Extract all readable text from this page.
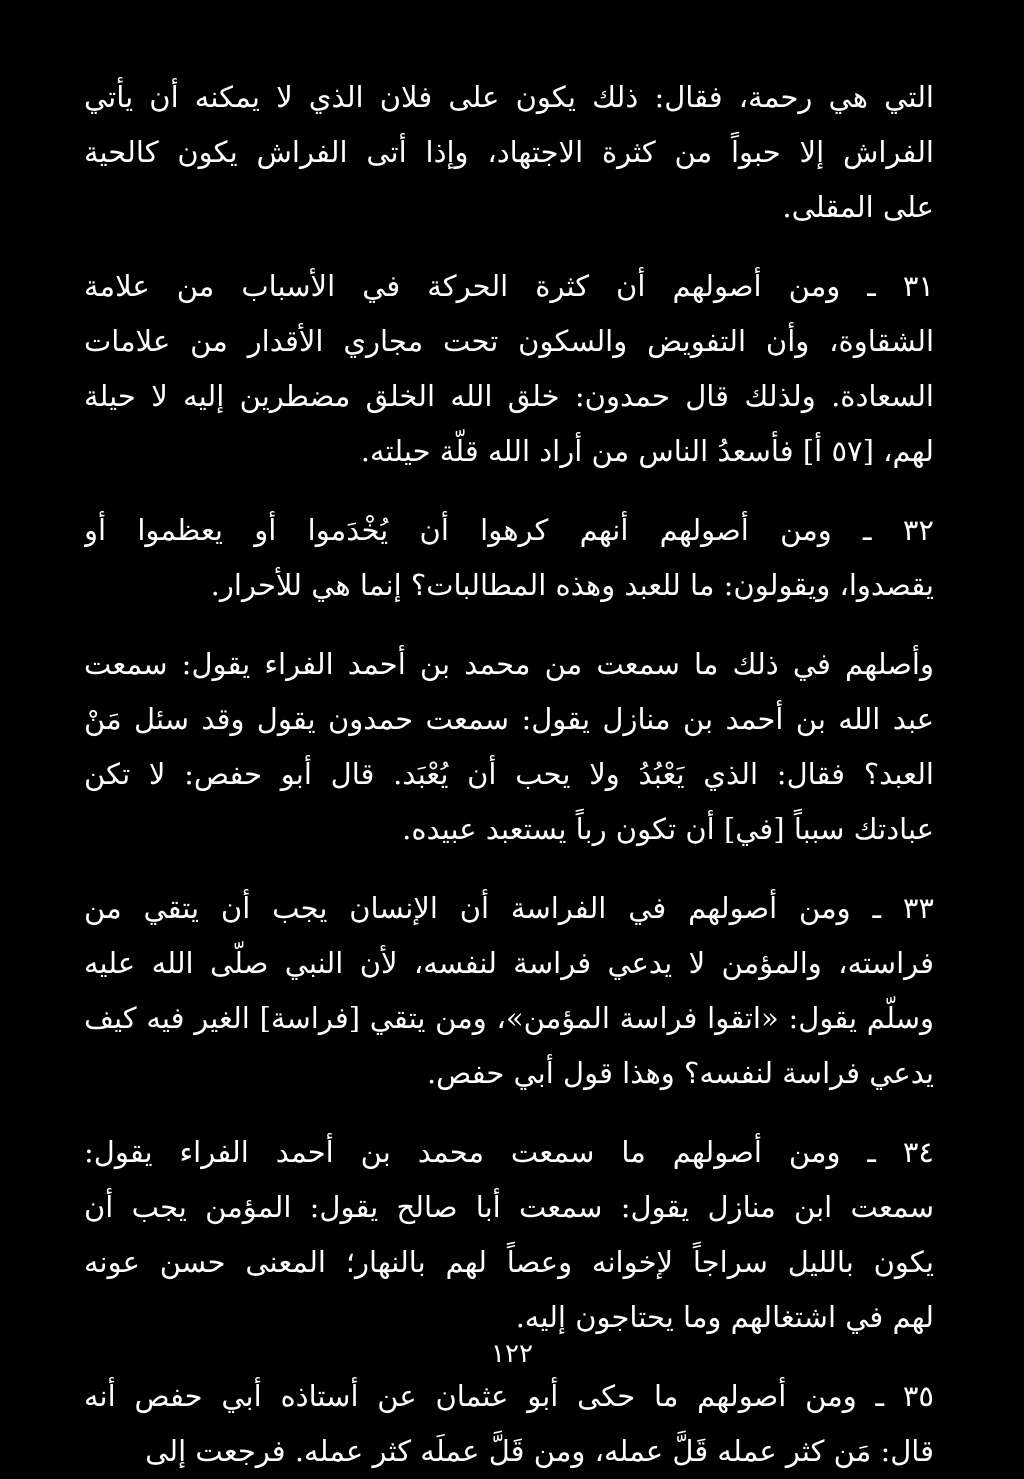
التي هي رحمة، فقال: ذلك يكون على فلان الذي لا يمكنه أن يأتي
الفراش إلا حبواً من كثرة الاجتهاد، وإذا أتى الفراش يكون كالحية
على المقلى.
٣١ ـ ومن أصولهم أن كثرة الحركة في الأسباب من علامة
الشقاوة، وأن التفويض والسكون تحت مجاري الأقدار من علامات
السعادة. ولذلك قال حمدون: خلق الله الخلق مضطرين إليه لا حيلة
لهم، [٥٧ أ] فأسعدُ الناس من أراد الله قلّة حيلته.
٣٢ ـ ومن أصولهم أنهم كرهوا أن يُخْدَموا أو يعظموا أو
يقصدوا، ويقولون: ما للعبد وهذه المطالبات؟ إنما هي للأحرار.
وأصلهم في ذلك ما سمعت من محمد بن أحمد الفراء يقول: سمعت
عبد الله بن أحمد بن منازل يقول: سمعت حمدون يقول وقد سئل مَنْ
العبد؟ فقال: الذي يَعْبُدُ ولا يحب أن يُعْبَد. قال أبو حفص: لا تكن
عبادتك سبباً [في] أن تكون رباً يستعبد عبيده.
٣٣ ـ ومن أصولهم في الفراسة أن الإنسان يجب أن يتقي من
فراسته، والمؤمن لا يدعي فراسة لنفسه، لأن النبي صلّى الله عليه
وسلّم يقول: «اتقوا فراسة المؤمن»، ومن يتقي [فراسة] الغير فيه كيف
يدعي فراسة لنفسه؟ وهذا قول أبي حفص.
٣٤ ـ ومن أصولهم ما سمعت محمد بن أحمد الفراء يقول:
سمعت ابن منازل يقول: سمعت أبا صالح يقول: المؤمن يجب أن
يكون بالليل سراجاً لإخوانه وعصاً لهم بالنهار؛ المعنى حسن عونه
لهم في اشتغالهم وما يحتاجون إليه.
٣٥ ـ ومن أصولهم ما حكى أبو عثمان عن أستاذه أبي حفص أنه
قال: مَن كثر عمله قَلَّ عمله، ومن قَلَّ عملَه كثر عمله. فرجعت إلى
١٢٢
